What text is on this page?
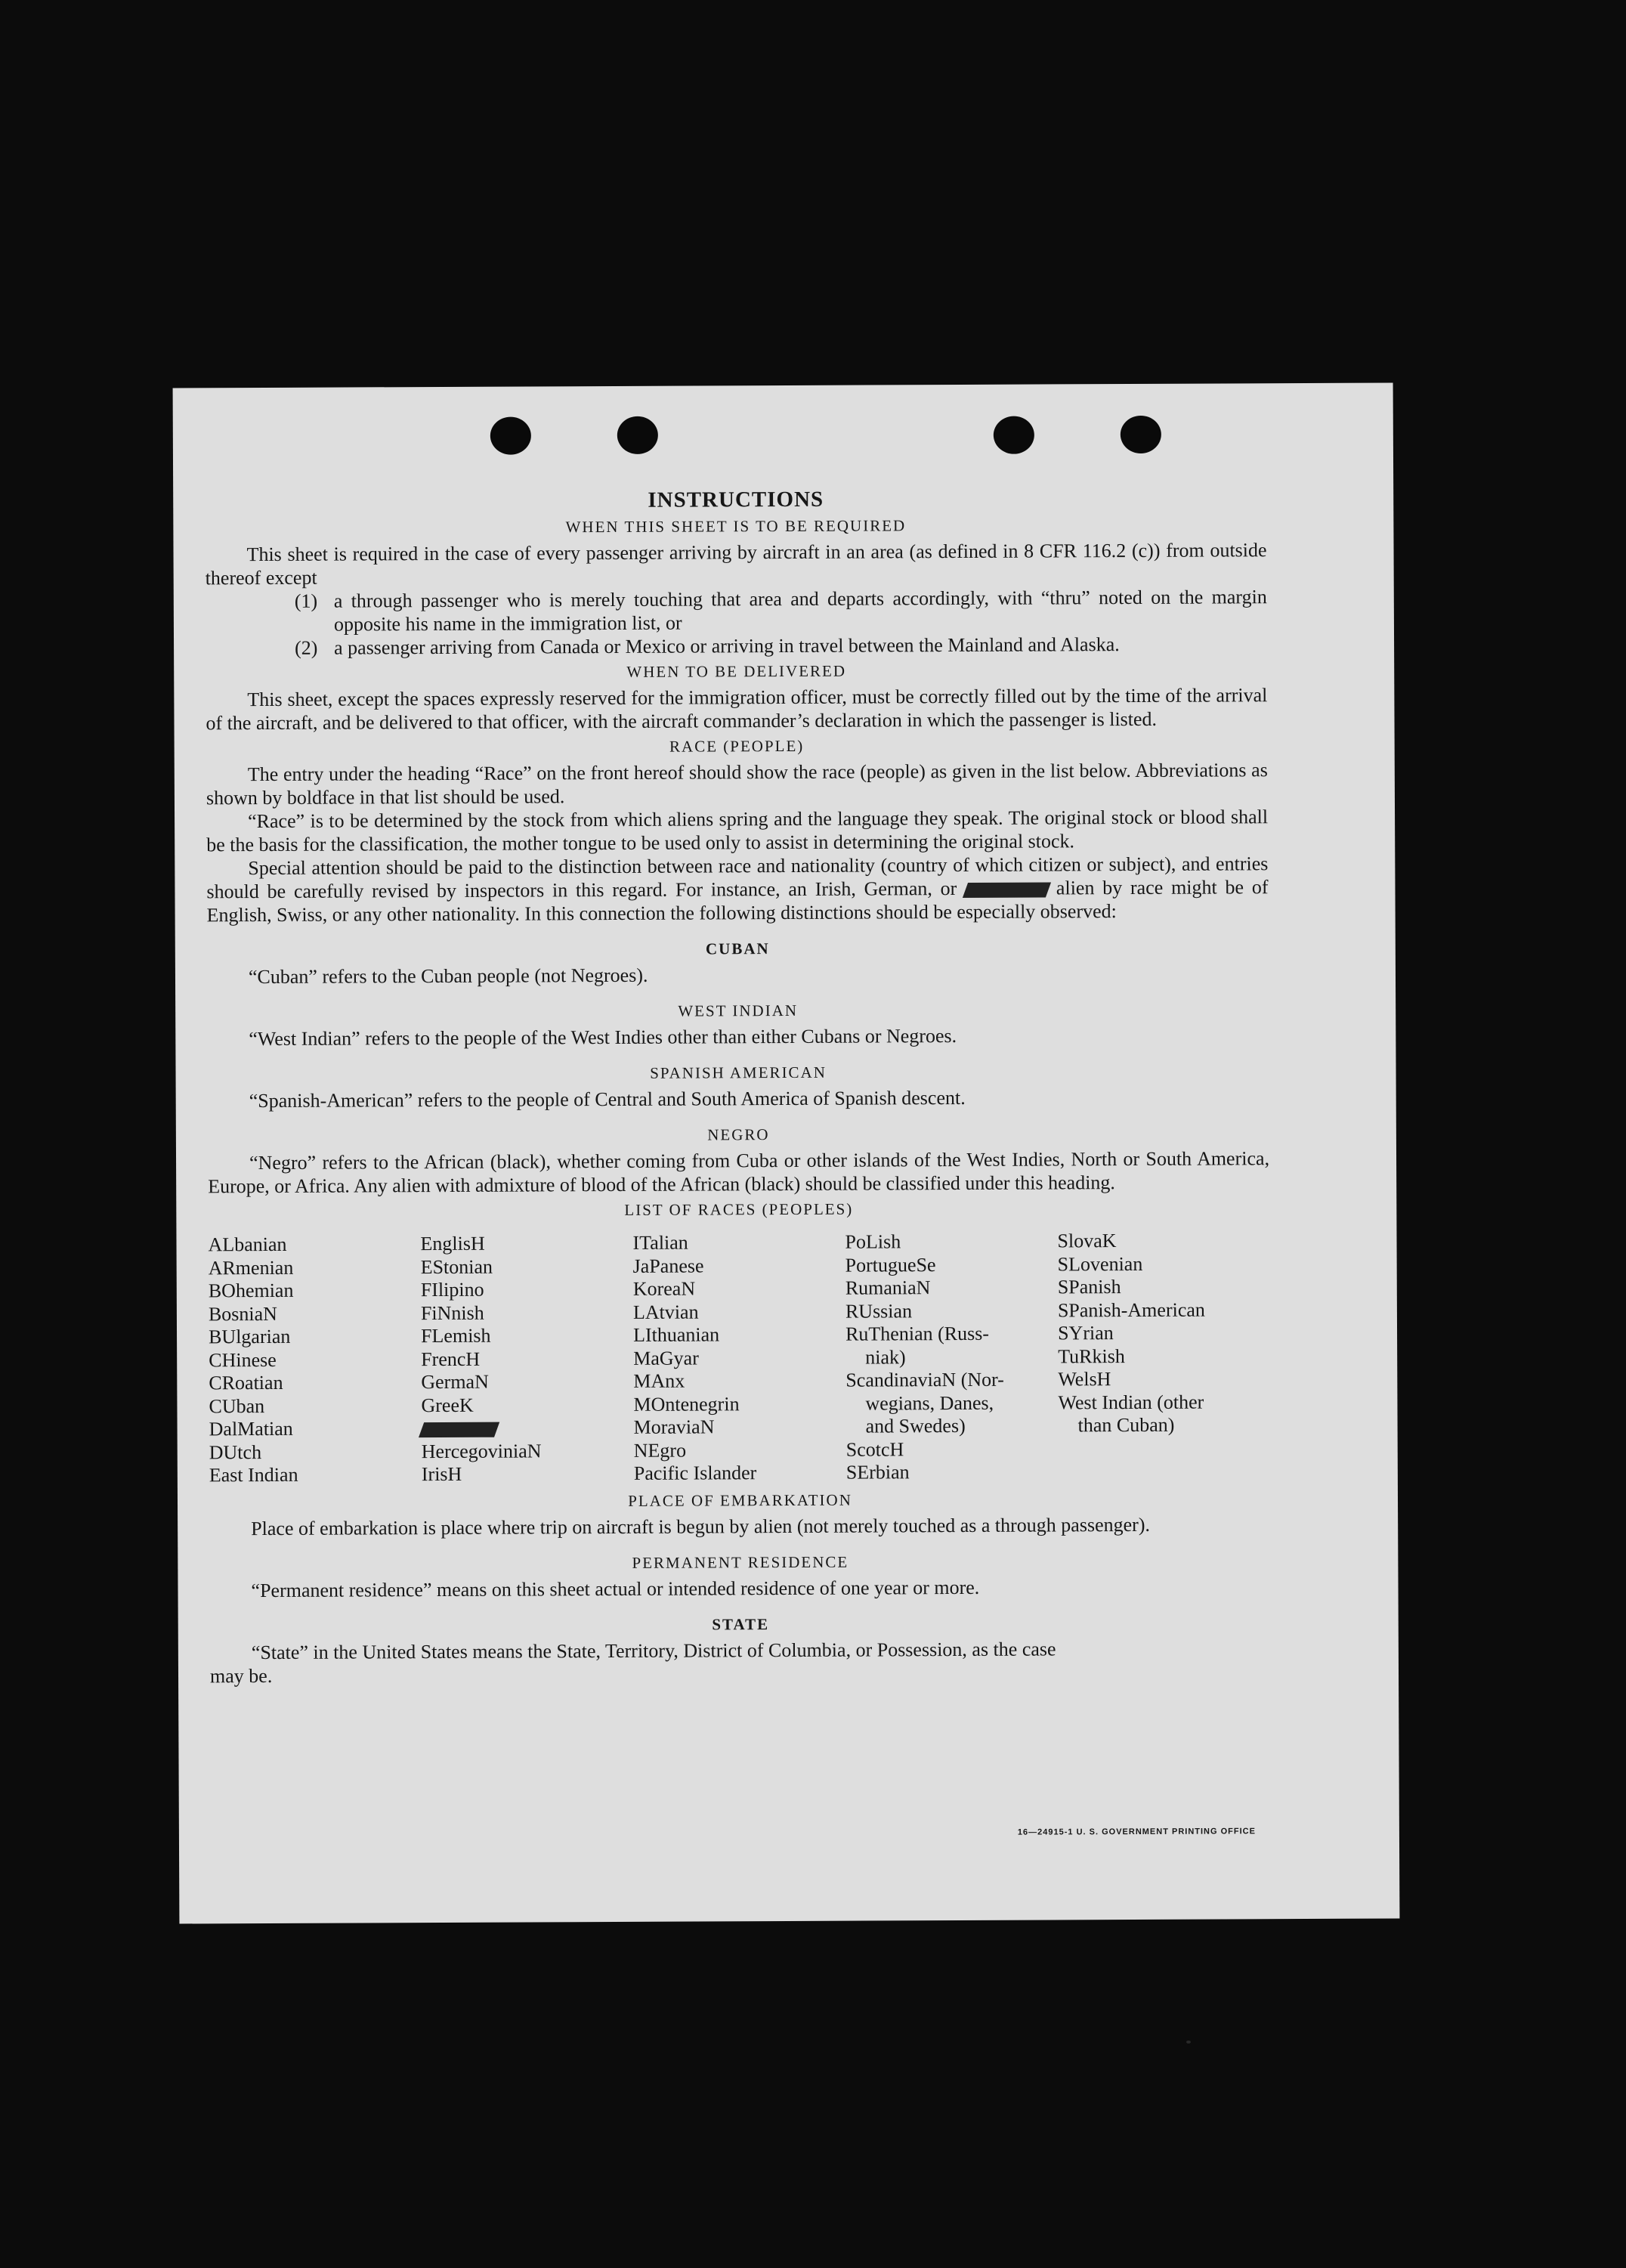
INSTRUCTIONS
WHEN THIS SHEET IS TO BE REQUIRED

This sheet is required in the case of every passenger arriving by aircraft in an area (as defined in 8 CFR 116.2 (c)) from outside thereof except

(1) a through passenger who is merely touching that area and departs accordingly, with “thru” noted on the margin opposite his name in the immigration list, or
(2) a passenger arriving from Canada or Mexico or arriving in travel between the Mainland and Alaska.
WHEN TO BE DELIVERED

This sheet, except the spaces expressly reserved for the immigration officer, must be correctly filled out by the time of the arrival of the aircraft, and be delivered to that officer, with the aircraft commander’s declaration in which the passenger is listed.

RACE (PEOPLE)

The entry under the heading “Race” on the front hereof should show the race (people) as given in the list below. Abbreviations as shown by boldface in that list should be used.

“Race” is to be determined by the stock from which aliens spring and the language they speak. The original stock or blood shall be the basis for the classification, the mother tongue to be used only to assist in determining the original stock.

Special attention should be paid to the distinction between race and nationality (country of which citizen or subject), and entries should be carefully revised by inspectors in this regard. For instance, an Irish, German, or	alien by race might be of English, Swiss, or any other nationality. In this connection the following distinctions should be especially observed:

CUBAN

“Cuban” refers to the Cuban people (not Negroes).

WEST INDIAN

“West Indian” refers to the people of the West Indies other than either Cubans or Negroes.

SPANISH AMERICAN

“Spanish-American” refers to the people of Central and South America of Spanish descent.

NEGRO

“Negro” refers to the African (black), whether coming from Cuba or other islands of the West Indies, North or South America, Europe, or Africa. Any alien with admixture of blood of the African (black) should be classified under this heading.

LIST OF RACES (PEOPLES)
ALbanian
ARmenian
BOhemian
BosniaN
BUlgarian
CHinese
CRoatian
CUban
DalMatian
DUtch
East Indian
EnglisH
EStonian
FIlipino
FiNnish
FLemish
FrencH
GermaN
GreeK
HercegoviniaN
IrisH
ITalian
JaPanese
KoreaN
LAtvian
LIthuanian
MaGyar
MAnx
MOntenegrin
MoraviaN
NEgro
Pacific Islander
PoLish
PortugueSe
RumaniaN
RUssian
RuThenian (Russ-
niak)
ScandinaviaN (Nor-
wegians, Danes,
and Swedes)
ScotcH
SErbian
SlovaK
SLovenian
SPanish
SPanish-American
SYrian
TuRkish
WelsH
West Indian (other
than Cuban)
PLACE OF EMBARKATION

Place of embarkation is place where trip on aircraft is begun by alien (not merely touched as a through passenger).

PERMANENT RESIDENCE

“Permanent residence” means on this sheet actual or intended residence of one year or more.

STATE

“State” in the United States means the State, Territory, District of Columbia, or Possession, as the case

may be.

16—24915-1 U. S. GOVERNMENT PRINTING OFFICE
